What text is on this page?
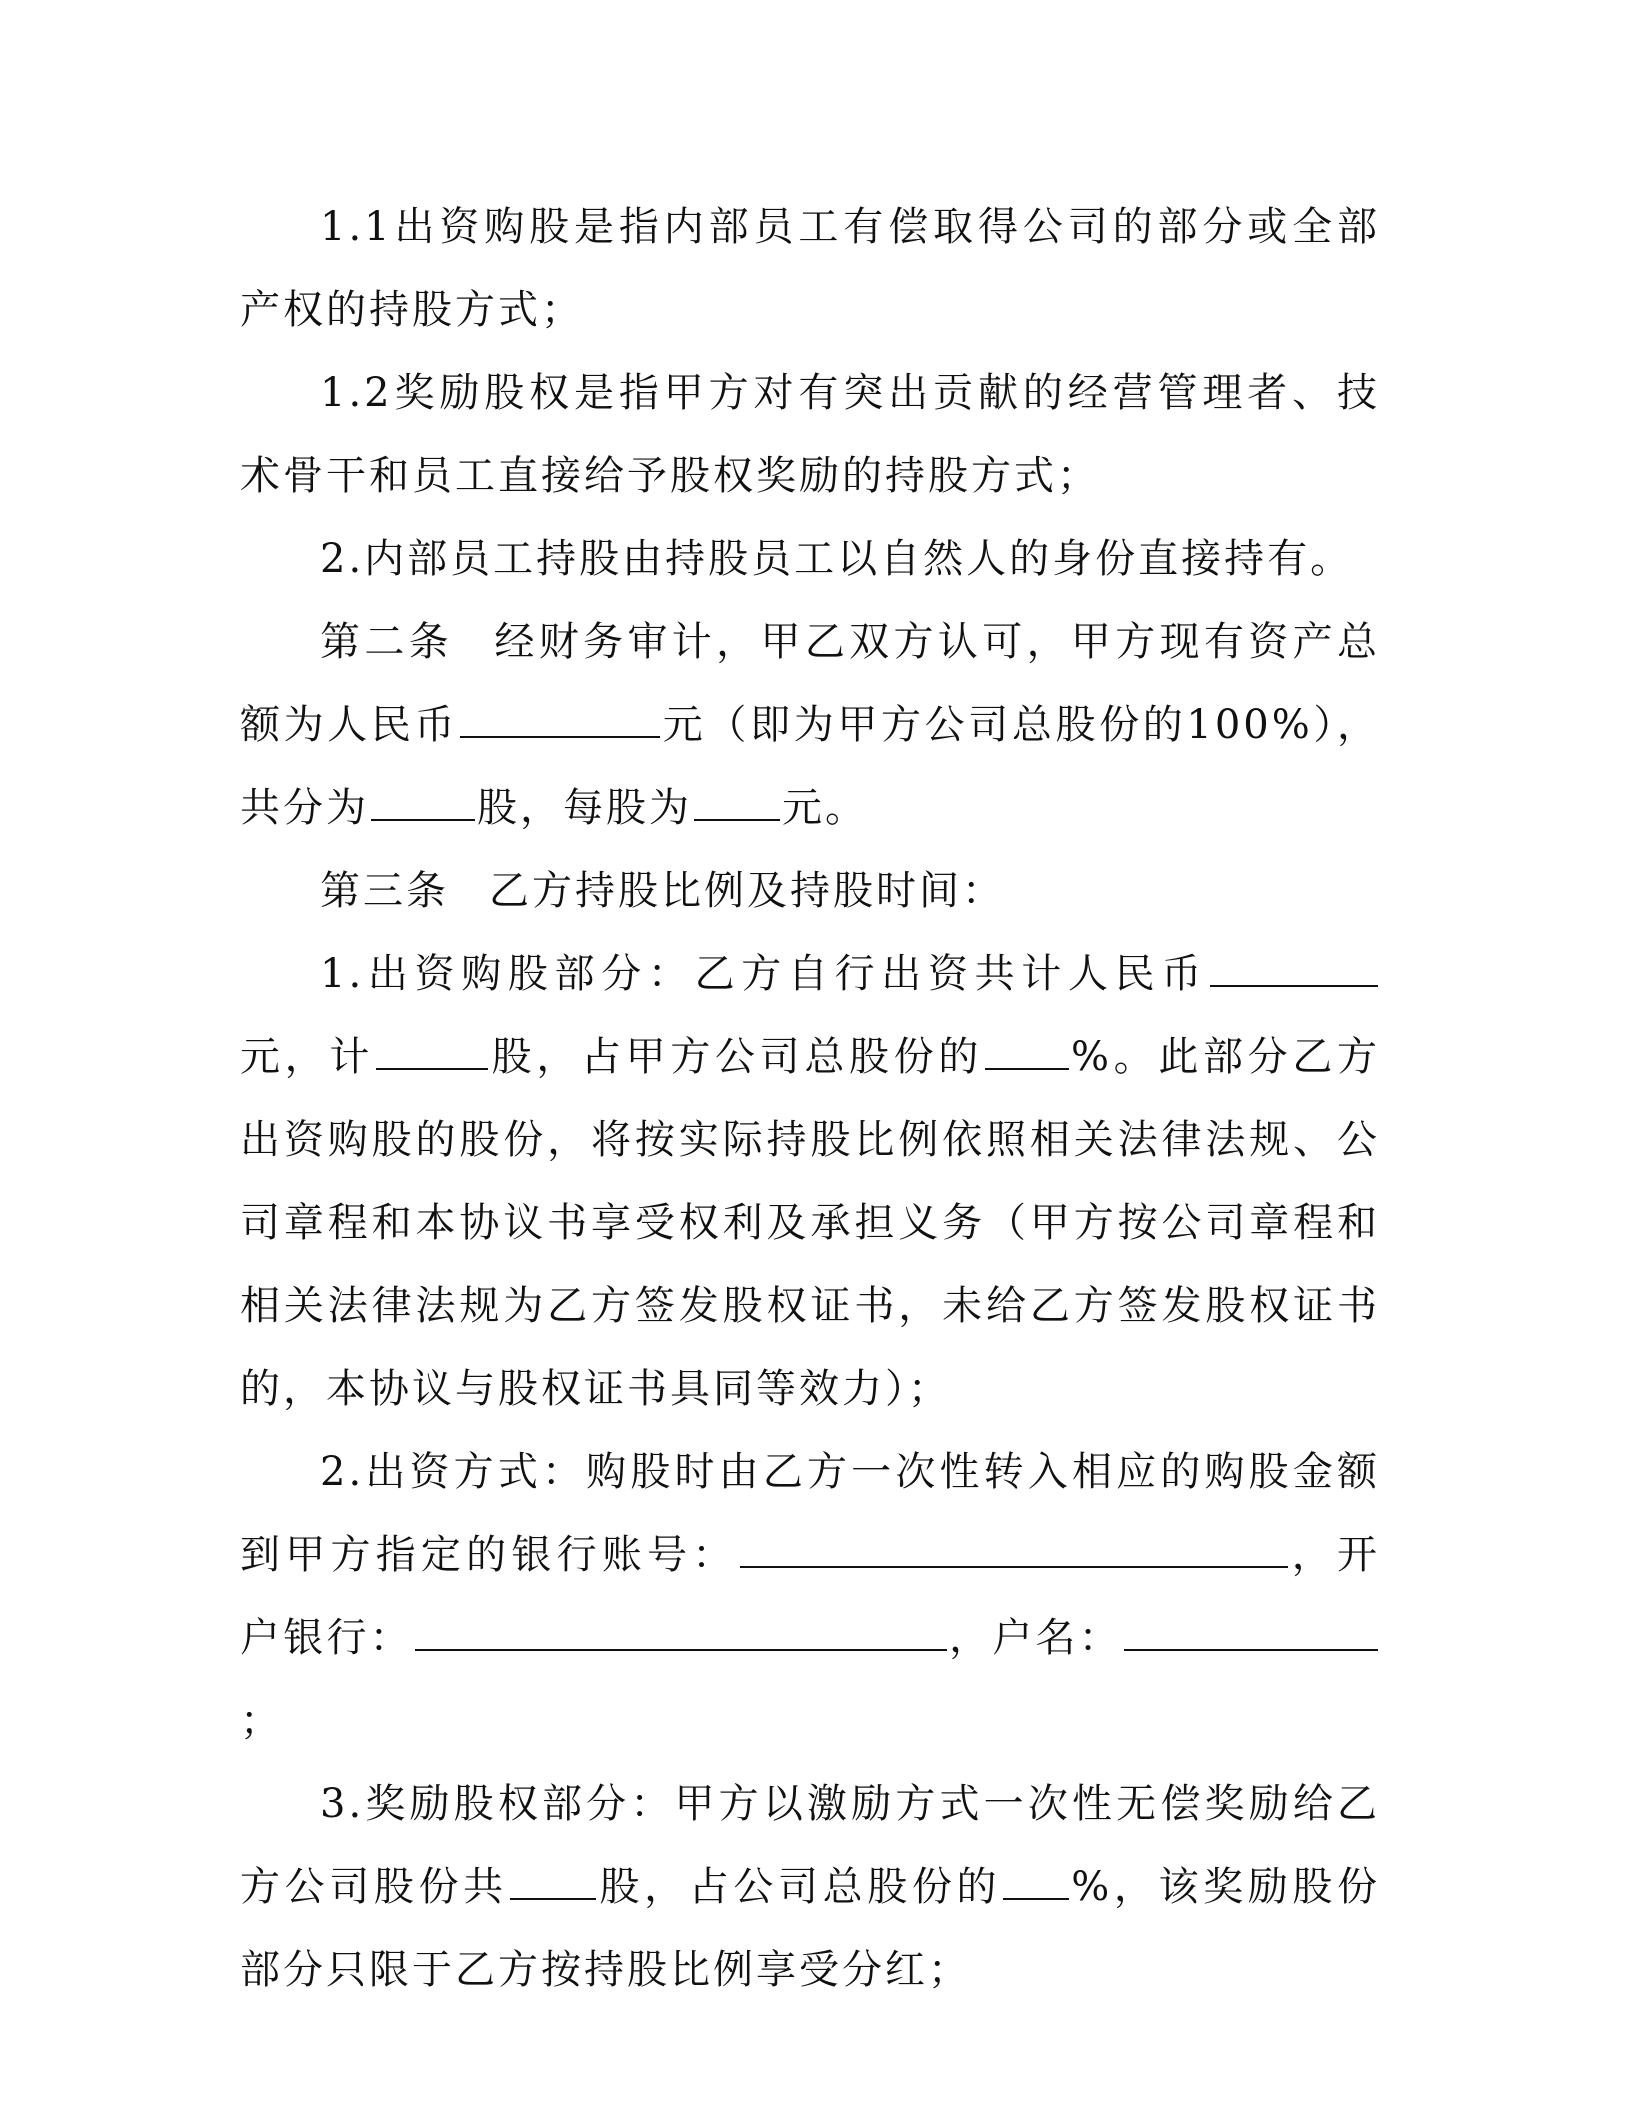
1.1出资购股是指内部员工有偿取得公司的部分或全部产权的持股方式；

1.2奖励股权是指甲方对有突出贡献的经营管理者、技术骨干和员工直接给予股权奖励的持股方式；

2.内部员工持股由持股员工以自然人的身份直接持有。

第二条 经财务审计，甲乙双方认可，甲方现有资产总额为人民币	元（即为甲方公司总股份的100%），共分为	股，每股为 元。

第三条 乙方持股比例及持股时间：

1.出资购股部分：乙方自行出资共计人民币元，计	股，占甲方公司总股份的 %。此部分乙方出资购股的股份，将按实际持股比例依照相关法律法规、公司章程和本协议书享受权利及承担义务（甲方按公司章程和相关法律法规为乙方签发股权证书，未给乙方签发股权证书的，本协议与股权证书具同等效力）；

2.出资方式：购股时由乙方一次性转入相应的购股金额到甲方指定的银行账号：	，开户银行：	，户名：；

3.奖励股权部分：甲方以激励方式一次性无偿奖励给乙方公司股份共 股，占公司总股份的 %，该奖励股份部分只限于乙方按持股比例享受分红；
